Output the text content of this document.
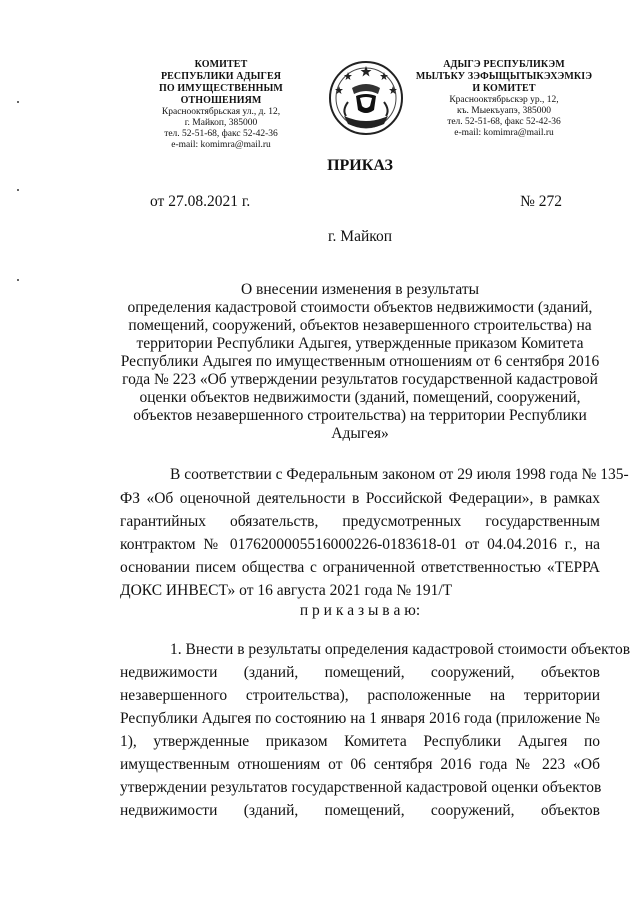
КОМИТЕТ
РЕСПУБЛИКИ АДЫГЕЯ
ПО ИМУЩЕСТВЕННЫМ ОТНОШЕНИЯМ
Краснооктябрьская ул., д. 12,
г. Майкоп, 385000
тел. 52-51-68, факс 52-42-36
e-mail: komimra@mail.ru
АДЫГЭ РЕСПУБЛИКЭМ
МЫЛЪКУ ЗЭФЫЩЫТЫКЭХЭМКIЭ
И КОМИТЕТ
Краснооктябрьскэр ур., 12,
къ. Мыекъуапэ, 385000
тел. 52-51-68, факс 52-42-36
e-mail: komimra@mail.ru
ПРИКАЗ
от 27.08.2021 г.	№ 272
г. Майкоп
О внесении изменения в результаты
определения кадастровой стоимости объектов недвижимости (зданий,
помещений, сооружений, объектов незавершенного строительства) на
территории Республики Адыгея, утвержденные приказом Комитета
Республики Адыгея по имущественным отношениям от 6 сентября 2016
года № 223 «Об утверждении результатов государственной кадастровой
оценки объектов недвижимости (зданий, помещений, сооружений,
объектов незавершенного строительства) на территории Республики
Адыгея»
В соответствии с Федеральным законом от 29 июля 1998 года № 135-
ФЗ «Об оценочной деятельности в Российской Федерации», в рамках
гарантийных обязательств, предусмотренных государственным
контрактом № 0176200005516000226-0183618-01 от 04.04.2016 г., на
основании писем общества с ограниченной ответственностью «ТЕРРА
ДОКС ИНВЕСТ» от 16 августа 2021 года № 191/Т
п р и к а з ы в а ю:
1. Внести в результаты определения кадастровой стоимости объектов
недвижимости (зданий, помещений, сооружений, объектов
незавершенного строительства), расположенные на территории
Республики Адыгея по состоянию на 1 января 2016 года (приложение №
1), утвержденные приказом Комитета Республики Адыгея по
имущественным отношениям от 06 сентября 2016 года № 223 «Об
утверждении результатов государственной кадастровой оценки объектов
недвижимости (зданий, помещений, сооружений, объектов
